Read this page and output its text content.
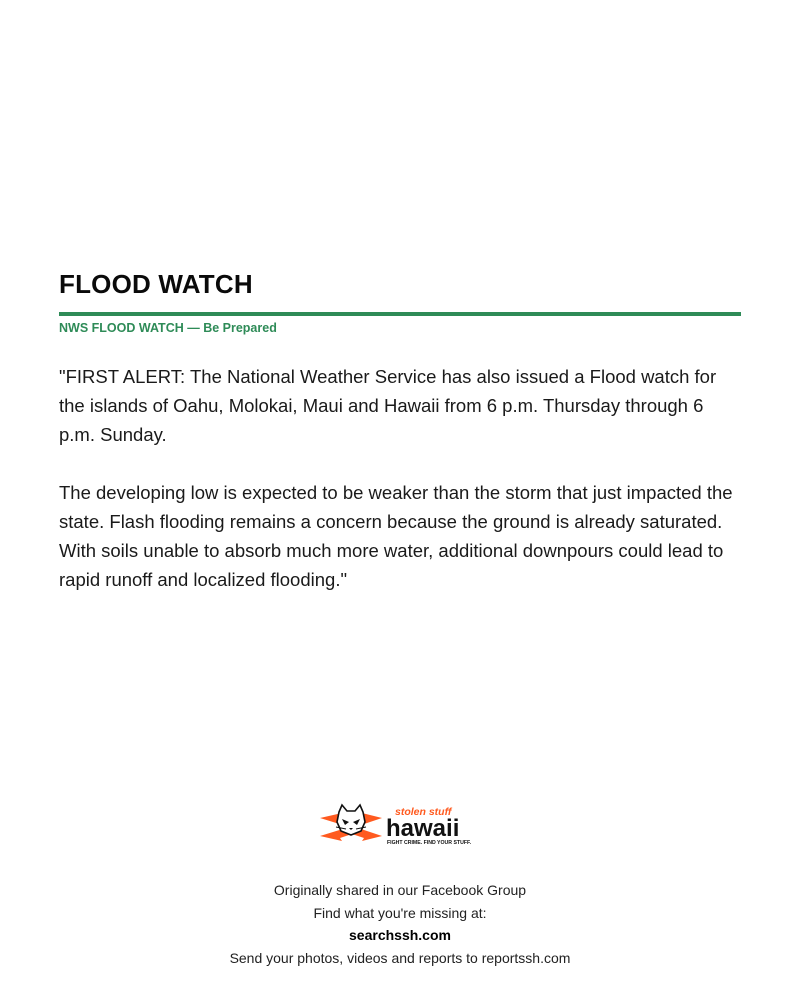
FLOOD WATCH
NWS FLOOD WATCH — Be Prepared

"FIRST ALERT: The National Weather Service has also issued a Flood watch for the islands of Oahu, Molokai, Maui and Hawaii from 6 p.m. Thursday through 6 p.m. Sunday.

The developing low is expected to be weaker than the storm that just impacted the state. Flash flooding remains a concern because the ground is already saturated. With soils unable to absorb much more water, additional downpours could lead to rapid runoff and localized flooding."

stolen stuff
hawaii
FIGHT CRIME. FIND YOUR STUFF.
Originally shared in our Facebook Group
Find what you're missing at:
searchssh.com
Send your photos, videos and reports to reportssh.com
